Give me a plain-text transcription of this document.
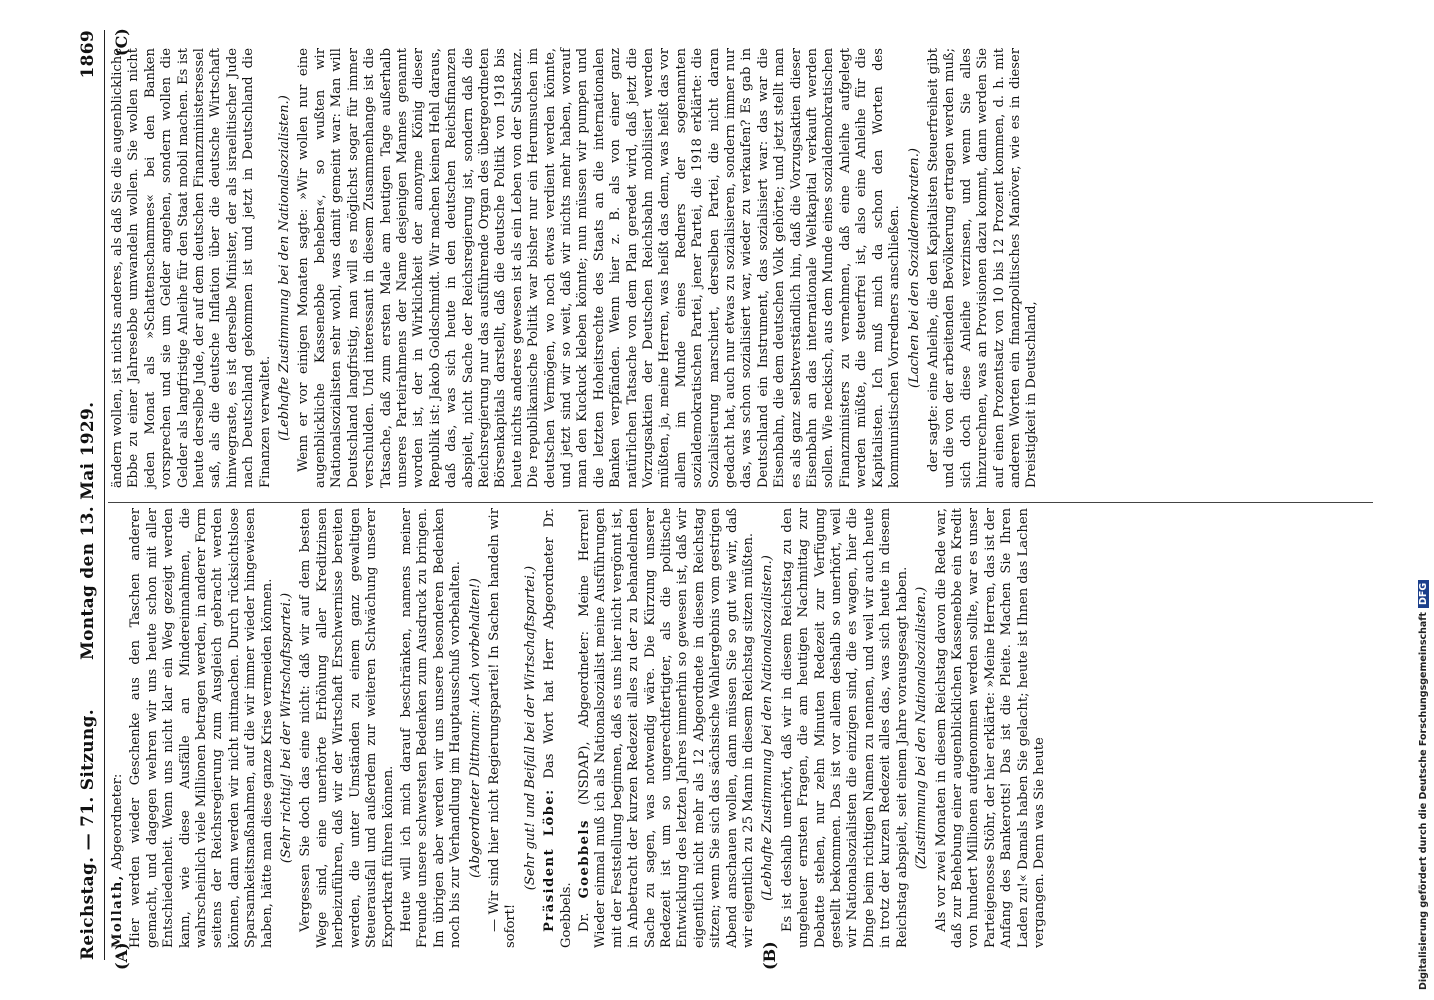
Reichstag. — 71. Sitzung.
Montag den 13. Mai 1929.
1869
(A)	(B)
(C)

Mollath, Abgeordneter: Hier werden wieder Geschenke aus den Taschen anderer gemacht, und dagegen wehren wir uns heute schon mit aller Entschiedenheit. Wenn uns nicht klar ein Weg gezeigt werden kann, wie diese Ausfälle an Mindereinnahmen, die wahrscheinlich viele Millionen betragen werden, in anderer Form seitens der Reichsregierung zum Ausgleich gebracht werden können, dann werden wir nicht mitmachen. Durch rücksichtslose Sparsamkeitsmaßnahmen, auf die wir immer wieder hingewiesen haben, hätte man diese ganze Krise vermeiden können. (Sehr richtig! bei der Wirtschaftspartei.) Vergessen Sie doch das eine nicht: daß wir auf dem besten Wege sind, eine unerhörte Erhöhung aller Kreditzinsen herbeizuführen, daß wir der Wirtschaft Erschwernisse bereiten werden, die unter Umständen zu einem ganz gewaltigen Steuerausfall und außerdem zur weiteren Schwächung unserer Exportkraft führen können. Heute will ich mich darauf beschränken, namens meiner Freunde unsere schwersten Bedenken zum Ausdruck zu bringen. Im übrigen aber werden wir uns unsere besonderen Bedenken noch bis zur Verhandlung im Hauptausschuß vorbehalten. (Abgeordneter Dittmann: Auch vorbehalten!) — Wir sind hier nicht Regierungspartei! In Sachen handeln wir sofort!

(Sehr gut! und Beifall bei der Wirtschaftspartei.) Präsident Löbe: Das Wort hat Herr Abgeordneter Dr. Goebbels. Dr. Goebbels (NSDAP), Abgeordneter: Meine Herren! Wieder einmal muß ich als Nationalsozialist meine Ausführungen mit der Feststellung beginnen, daß es uns hier nicht vergönnt ist, in Anbetracht der kurzen Redezeit alles zu der zu behandelnden Sache zu sagen, was notwendig wäre. Die Kürzung unserer Redezeit ist um so ungerechtfertigter, als die politische Entwicklung des letzten Jahres immerhin so gewesen ist, daß wir eigentlich nicht mehr als 12 Abgeordnete in diesem Reichstag sitzen; wenn Sie sich das sächsische Wahlergebnis vom gestrigen Abend anschauen wollen, dann müssen Sie so gut wie wir, daß wir eigentlich zu 25 Mann in diesem Reichstag sitzen müßten. (Lebhafte Zustimmung bei den Nationalsozialisten.) Es ist deshalb unerhört, daß wir in diesem Reichstag zu den ungeheuer ernsten Fragen, die am heutigen Nachmittag zur Debatte stehen, nur zehn Minuten Redezeit zur Verfügung gestellt bekommen. Das ist vor allem deshalb so unerhört, weil wir Nationalsozialisten die einzigen sind, die es wagen, hier die Dinge beim richtigen Namen zu nennen, und weil wir auch heute in trotz der kurzen Redezeit alles das, was sich heute in diesem Reichstag abspielt, seit einem Jahre vorausgesagt haben. (Zustimmung bei den Nationalsozialisten.) Als vor zwei Monaten in diesem Reichstag davon die Rede war, daß zur Behebung einer augenblicklichen Kassenebbe ein Kredit von hundert Millionen aufgenommen werden sollte, war es unser Parteigenosse Stöhr, der hier erklärte: »Meine Herren, das ist der Anfang des Bankerotts! Das ist die Pleite. Machen Sie Ihren Laden zu!« Damals haben Sie gelacht; heute ist Ihnen das Lachen vergangen. Denn was Sie heute

ändern wollen, ist nichts anderes, als daß Sie die augenblickliche Ebbe zu einer Jahresebbe umwandeln wollen. Sie wollen nicht jeden Monat als »Schattenschammes« bei den Banken vorsprechen und sie um Gelder angehen, sondern wollen die Gelder als langfristige Anleihe für den Staat mobil machen. Es ist heute derselbe Jude, der auf dem deutschen Finanzministersessel saß, als die deutsche Inflation über die deutsche Wirtschaft hinwegraste, es ist derselbe Minister, der als israelitischer Jude nach Deutschland gekommen ist und jetzt in Deutschland die Finanzen verwaltet. (Lebhafte Zustimmung bei den Nationalsozialisten.) Wenn er vor einigen Monaten sagte: »Wir wollen nur eine augenblickliche Kassenebbe beheben«, so wußten wir Nationalsozialisten sehr wohl, was damit gemeint war: Man will Deutschland langfristig, man will es möglichst sogar für immer verschulden. Und interessant in diesem Zusammenhange ist die Tatsache, daß zum ersten Male am heutigen Tage außerhalb unseres Parteirahmens der Name desjenigen Mannes genannt worden ist, der in Wirklichkeit der anonyme König dieser Republik ist: Jakob Goldschmidt. Wir machen keinen Hehl daraus, daß das, was sich heute in den deutschen Reichsfinanzen abspielt, nicht Sache der Reichsregierung ist, sondern daß die Reichsregierung nur das ausführende Organ des übergeordneten Börsenkapitals darstellt, daß die deutsche Politik von 1918 bis heute nichts anderes gewesen ist als ein Leben von der Substanz. Die republikanische Politik war bisher nur ein Herumsuchen im deutschen Vermögen, wo noch etwas verdient werden könnte, und jetzt sind wir so weit, daß wir nichts mehr haben, worauf man den Kuckuck kleben könnte; nun müssen wir pumpen und die letzten Hoheitsrechte des Staats an die internationalen Banken verpfänden. Wenn hier z. B. als von einer ganz natürlichen Tatsache von dem Plan geredet wird, daß jetzt die Vorzugsaktien der Deutschen Reichsbahn mobilisiert werden müßten, ja, meine Herren, was heißt das denn, was heißt das vor allem im Munde eines Redners der sogenannten sozialdemokratischen Partei, jener Partei, die 1918 erklärte: die Sozialisierung marschiert, derselben Partei, die nicht daran gedacht hat, auch nur etwas zu sozialisieren, sondern immer nur das, was schon sozialisiert war, wieder zu verkaufen? Es gab in Deutschland ein Instrument, das sozialisiert war: das war die Eisenbahn, die dem deutschen Volk gehörte; und jetzt stellt man es als ganz selbstverständlich hin, daß die Vorzugsaktien dieser Eisenbahn an das internationale Weltkapital verkauft werden sollen. Wie neckisch, aus dem Munde eines sozialdemokratischen Finanzministers zu vernehmen, daß eine Anleihe aufgelegt werden müßte, die steuerfrei ist, also eine Anleihe für die Kapitalisten. Ich muß mich da schon den Worten des kommunistischen Vorredners anschließen. (Lachen bei den Sozialdemokraten.) der sagte: eine Anleihe, die den Kapitalisten Steuerfreiheit gibt und die von der arbeitenden Bevölkerung ertragen werden muß; sich doch diese Anleihe verzinsen, und wenn Sie alles hinzurechnen, was an Provisionen dazu kommt, dann werden Sie auf einen Prozentsatz von 10 bis 12 Prozent kommen, d. h. mit anderen Worten ein finanzpolitisches Manöver, wie es in dieser Dreistigkeit in Deutschland,

Digitalisierung gefördert durch die Deutsche ForschungsgemeinschaftDFG
